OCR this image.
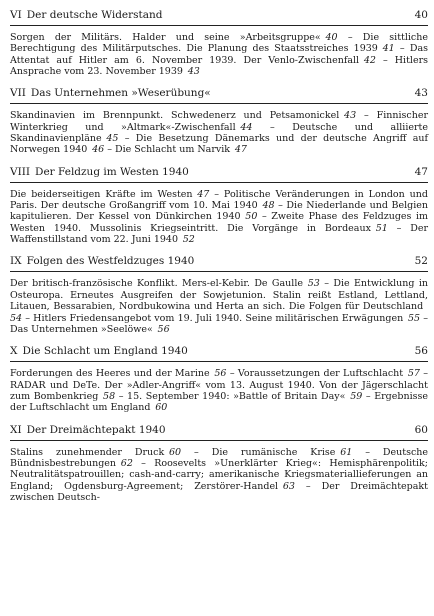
VI Der deutsche Widerstand	40
Sorgen der Militärs. Halder und seine »Arbeitsgruppe«  40 – Die sittliche Berechtigung des Militärputsches. Die Planung des Staatsstreiches 1939  41 – Das Attentat auf Hitler am 6. November 1939. Der Venlo-Zwischenfall  42 – Hitlers Ansprache vom 23. November 1939  43
VII Das Unternehmen »Weserübung«	43
Skandinavien im Brennpunkt. Schwedenerz und Petsamonickel  43 – Finnischer Winterkrieg und »Altmark«-Zwischenfall  44 – Deutsche und alliierte Skandinavienpläne  45 – Die Besetzung Dänemarks und der deutsche Angriff auf Norwegen 1940  46 – Die Schlacht um Narvik  47
VIII Der Feldzug im Westen 1940	47
Die beiderseitigen Kräfte im Westen  47 – Politische Veränderungen in London und Paris. Der deutsche Großangriff vom 10. Mai 1940  48 – Die Niederlande und Belgien kapitulieren. Der Kessel von Dünkirchen 1940  50 – Zweite Phase des Feldzuges im Westen 1940. Mussolinis Kriegseintritt. Die Vorgänge in Bordeaux  51 – Der Waffenstillstand vom 22. Juni 1940  52
IX Folgen des Westfeldzuges 1940	52
Der britisch-französische Konflikt. Mers-el-Kebir. De Gaulle  53 – Die Entwicklung in Osteuropa. Erneutes Ausgreifen der Sowjetunion. Stalin reißt Estland, Lettland, Litauen, Bessarabien, Nordbukowina und Herta an sich. Die Folgen für Deutschland 54 – Hitlers Friedensangebot vom 19. Juli 1940. Seine militärischen Erwägungen  55 – Das Unternehmen »Seelöwe«  56
X Die Schlacht um England 1940	56
Forderungen des Heeres und der Marine  56 – Voraussetzungen der Luftschlacht  57 – RADAR und DeTe. Der »Adler-Angriff« vom 13. August 1940. Von der Jägerschlacht zum Bombenkrieg  58 – 15. September 1940: »Battle of Britain Day«  59 – Ergebnisse der Luftschlacht um England  60
XI Der Dreimächtepakt 1940	60
Stalins zunehmender Druck  60 – Die rumänische Krise  61 – Deutsche Bündnisbestrebungen  62 – Roosevelts »Unerklärter Krieg«: Hemisphärenpolitik; Neutralitätspatrouillen; cash-and-carry; amerikanische Kriegsmateriallieferungen an England; Ogdensburg-Agreement; Zerstörer-Handel  63 – Der Dreimächtepakt zwischen Deutsch-
